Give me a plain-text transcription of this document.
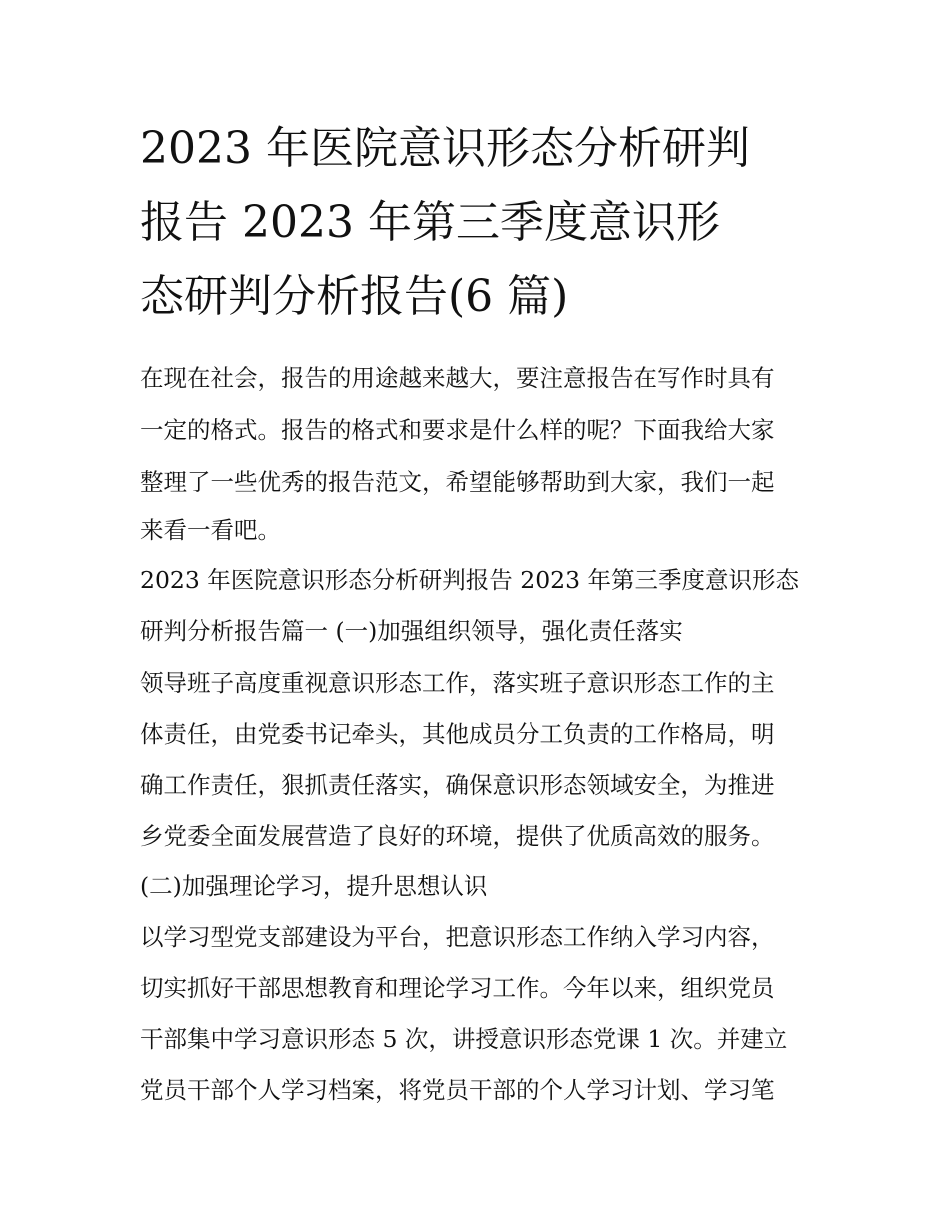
2023 年医院意识形态分析研判
报告 2023 年第三季度意识形
态研判分析报告(6 篇)
在现在社会，报告的用途越来越大，要注意报告在写作时具有
一定的格式。报告的格式和要求是什么样的呢？下面我给大家
整理了一些优秀的报告范文，希望能够帮助到大家，我们一起
来看一看吧。
2023 年医院意识形态分析研判报告 2023 年第三季度意识形态
研判分析报告篇一 (一)加强组织领导，强化责任落实
领导班子高度重视意识形态工作，落实班子意识形态工作的主
体责任，由党委书记牵头，其他成员分工负责的工作格局，明
确工作责任，狠抓责任落实，确保意识形态领域安全，为推进
乡党委全面发展营造了良好的环境，提供了优质高效的服务。
(二)加强理论学习，提升思想认识
以学习型党支部建设为平台，把意识形态工作纳入学习内容，
切实抓好干部思想教育和理论学习工作。今年以来，组织党员
干部集中学习意识形态 5 次，讲授意识形态党课 1 次。并建立
党员干部个人学习档案，将党员干部的个人学习计划、学习笔
